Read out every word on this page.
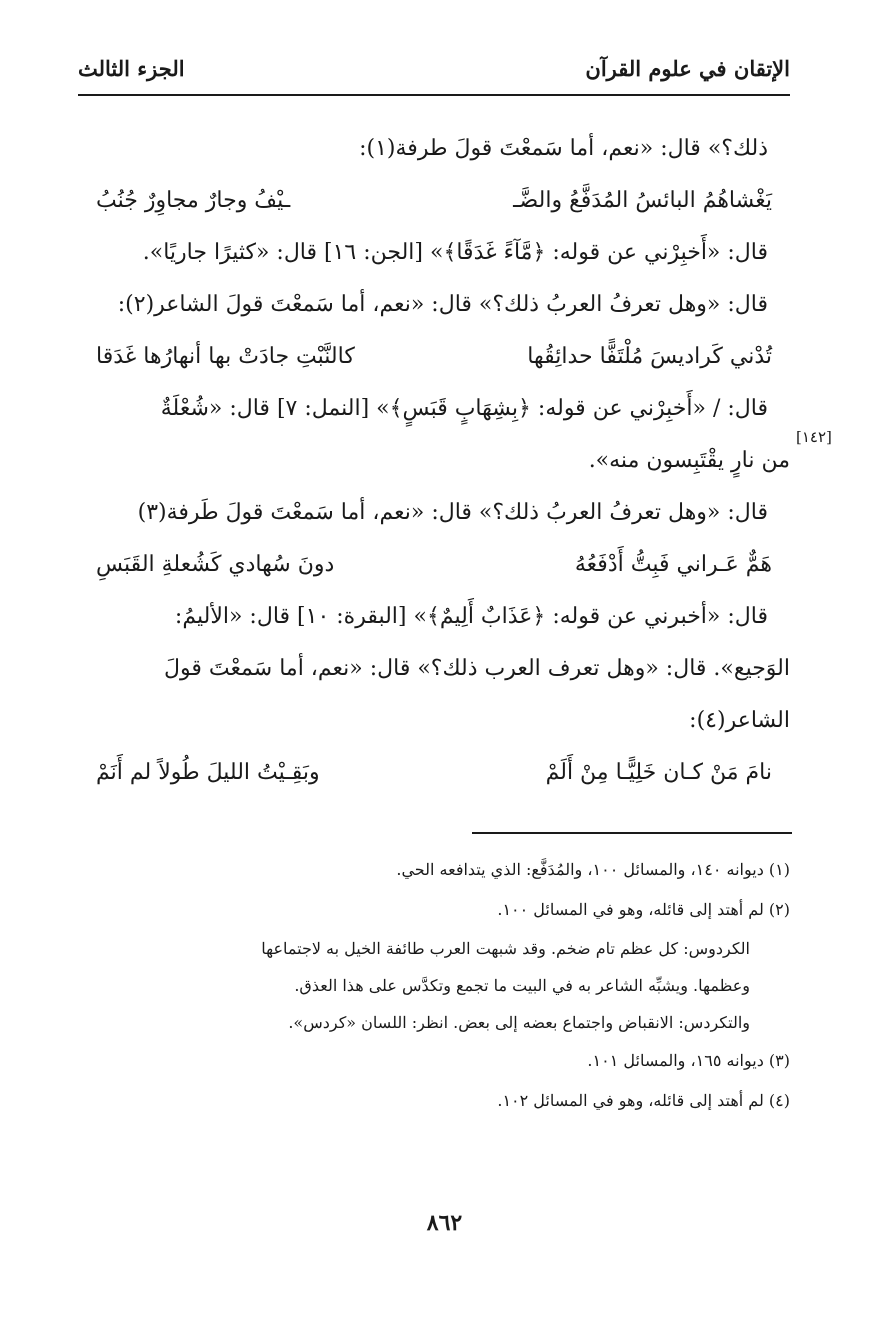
الإتقان في علوم القرآن
الجزء الثالث
[١٤٢]
ذلك؟» قال: «نعم، أما سَمعْتَ قولَ طرفة(١):
يَغْشاهُمُ البائسُ المُدَفَّعُ والضَّـ
ـيْفُ وجارٌ مجاوِرٌ جُنُبُ
قال: «أَخبِرْني عن قوله: ﴿مَّآءً غَدَقًا﴾» [الجن: ١٦] قال: «كثيرًا جاريًا».
قال: «وهل تعرفُ العربُ ذلك؟» قال: «نعم، أما سَمعْتَ قولَ الشاعر(٢):
تُدْني كَراديسَ مُلْتَفًّا حدائِقُها
كالنَّبْتِ جادَتْ بها أنهارُها غَدَقا
قال: / «أَخبِرْني عن قوله: ﴿بِشِهَابٍ قَبَسٍ﴾» [النمل: ٧] قال: «شُعْلَةٌ
من نارٍ يقْتَبِسون منه».
قال: «وهل تعرفُ العربُ ذلك؟» قال: «نعم، أما سَمعْتَ قولَ طَرفة(٣)
هَمٌّ عَـراني فَبِتُّ أَدْفَعُهُ
دونَ سُهادي كَشُعلةِ القَبَسِ
قال: «أخبرني عن قوله: ﴿عَذَابٌ أَلِيمٌ﴾» [البقرة: ١٠] قال: «الأليمُ:
الوَجيع». قال: «وهل تعرف العرب ذلك؟» قال: «نعم، أما سَمعْتَ قولَ
الشاعر(٤):
نامَ مَنْ كـان خَلِيًّـا مِنْ أَلَمْ
وبَقِـيْتُ الليلَ طُولاً لم أَنَمْ
(١) ديوانه ١٤٠، والمسائل ١٠٠، والمُدَفَّع: الذي يتدافعه الحي.
(٢) لم أهتد إلى قائله، وهو في المسائل ١٠٠.
الكردوس: كل عظم تام ضخم. وقد شبهت العرب طائفة الخيل به لاجتماعها
وعظمها. ويشبِّه الشاعر به في البيت ما تجمع وتكدَّس على هذا العذق.
والتكردس: الانقباض واجتماع بعضه إلى بعض. انظر: اللسان «كردس».
(٣) ديوانه ١٦٥، والمسائل ١٠١.
(٤) لم أهتد إلى قائله، وهو في المسائل ١٠٢.
٨٦٢
